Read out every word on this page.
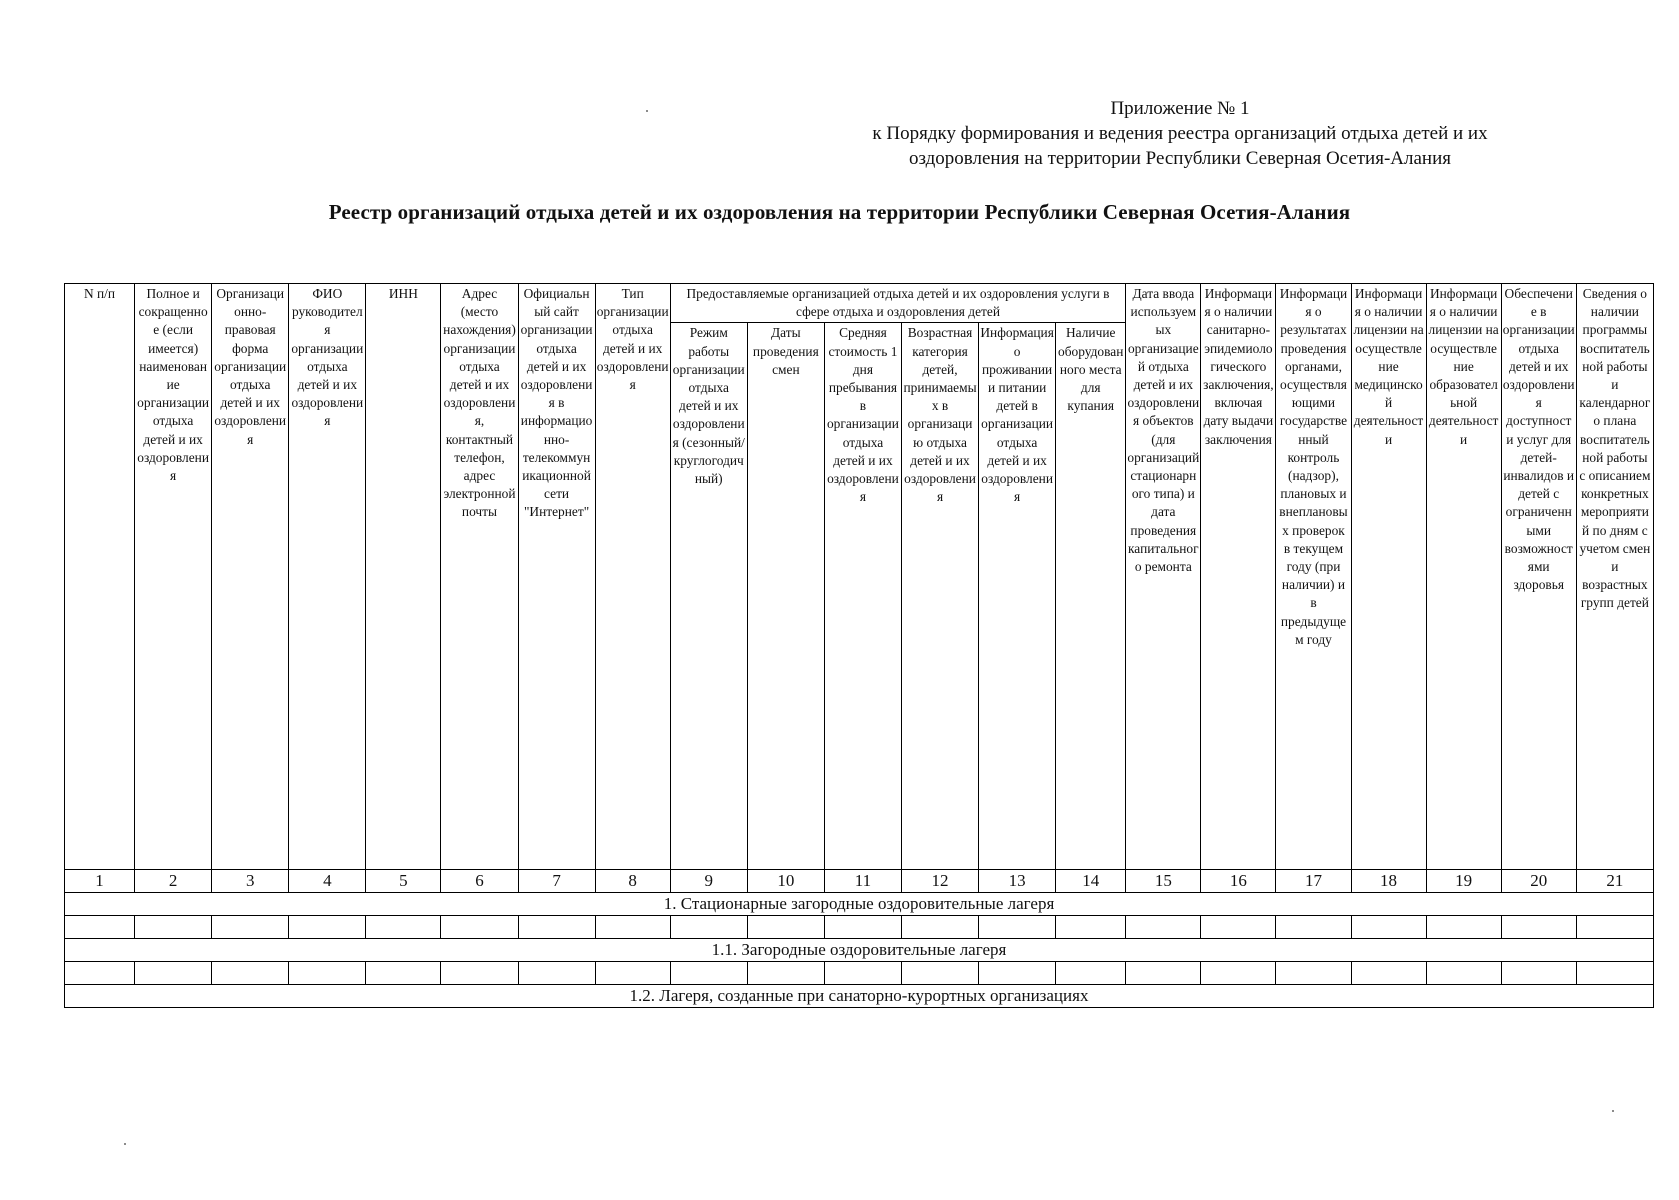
Приложение № 1
к Порядку формирования и ведения реестра организаций отдыха детей и их
оздоровления на территории Республики Северная Осетия-Алания
Реестр организаций отдыха детей и их оздоровления на территории Республики Северная Осетия-Алания
N п/п	Полное и сокращенное (если имеется) наименование организации отдыха детей и их оздоровления	Организационно-правовая форма организации отдыха детей и их оздоровления	ФИО руководителя организации отдыха детей и их оздоровления	ИНН	Адрес (место нахождения) организации отдыха детей и их оздоровления, контактный телефон, адрес электронной почты	Официальный сайт организации отдыха детей и их оздоровления в информационно-телекоммуникационной сети "Интернет"	Тип организации отдыха детей и их оздоровления	Предоставляемые организацией отдыха детей и их оздоровления услуги в сфере отдыха и оздоровления детей						Дата ввода используемых организацией отдыха детей и их оздоровления объектов (для организаций стационарного типа) и дата проведения капитального ремонта	Информация о наличии санитарно-эпидемиологического заключения, включая дату выдачи заключения	Информация о результатах проведения органами, осуществляющими государственный контроль (надзор), плановых и внеплановых проверок в текущем году (при наличии) и в предыдущем году	Информация о наличии лицензии на осуществление медицинской деятельности	Информация о наличии лицензии на осуществление образовательной деятельности	Обеспечение в организации отдыха детей и их оздоровления доступности услуг для детей-инвалидов и детей с ограниченными возможностями здоровья	Сведения о наличии программы воспитательной работы и календарного плана воспитательной работы с описанием конкретных мероприятий по дням с учетом смен и возрастных групп детей
								Режим работы организации отдыха детей и их оздоровления (сезонный/круглогодичный)	Даты проведения смен	Средняя стоимость 1 дня пребывания в организации отдыха детей и их оздоровления	Возрастная категория детей, принимаемых в организацию отдыха детей и их оздоровления	Информация о проживании и питании детей в организации отдыха детей и их оздоровления	Наличие оборудованного места для купания							
1	2	3	4	5	6	7	8	9	10	11	12	13	14	15	16	17	18	19	20	21
1. Стационарные загородные оздоровительные лагеря																				

1.1. Загородные оздоровительные лагеря																				

1.2. Лагеря, созданные при санаторно-курортных организациях																				
